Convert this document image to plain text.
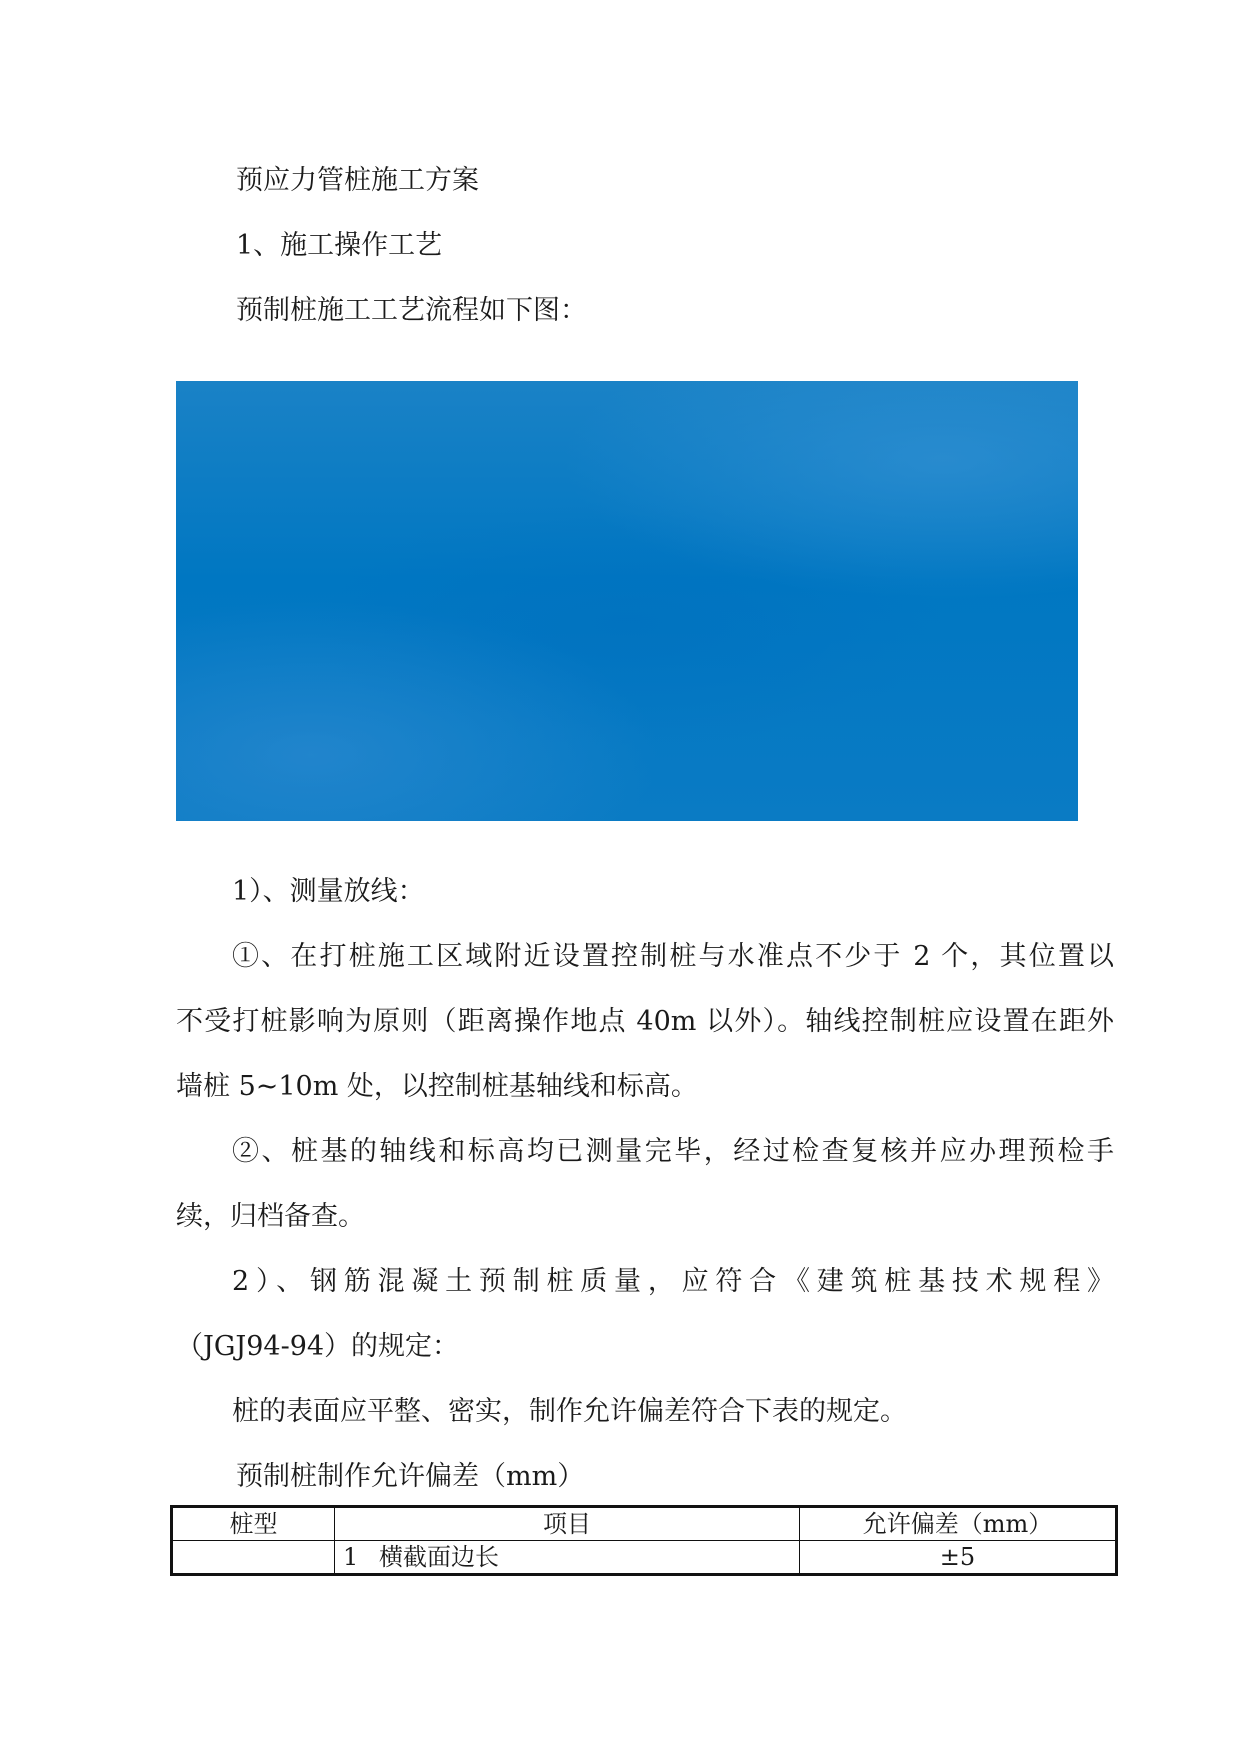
预应力管桩施工方案

1、施工操作工艺

预制桩施工工艺流程如下图：

1）、测量放线：

①、在打桩施工区域附近设置控制桩与水准点不少于 2 个，其位置以

不受打桩影响为原则（距离操作地点 40m 以外）。轴线控制桩应设置在距外

墙桩 5~10m 处，以控制桩基轴线和标高。

②、桩基的轴线和标高均已测量完毕，经过检查复核并应办理预检手

续，归档备查。

2）、钢筋混凝土预制桩质量，应符合《建筑桩基技术规程》

（JGJ94-94）的规定：

桩的表面应平整、密实，制作允许偏差符合下表的规定。

预制桩制作允许偏差（mm）

桩型	项目	允许偏差（mm）
	1 横截面边长	±5
